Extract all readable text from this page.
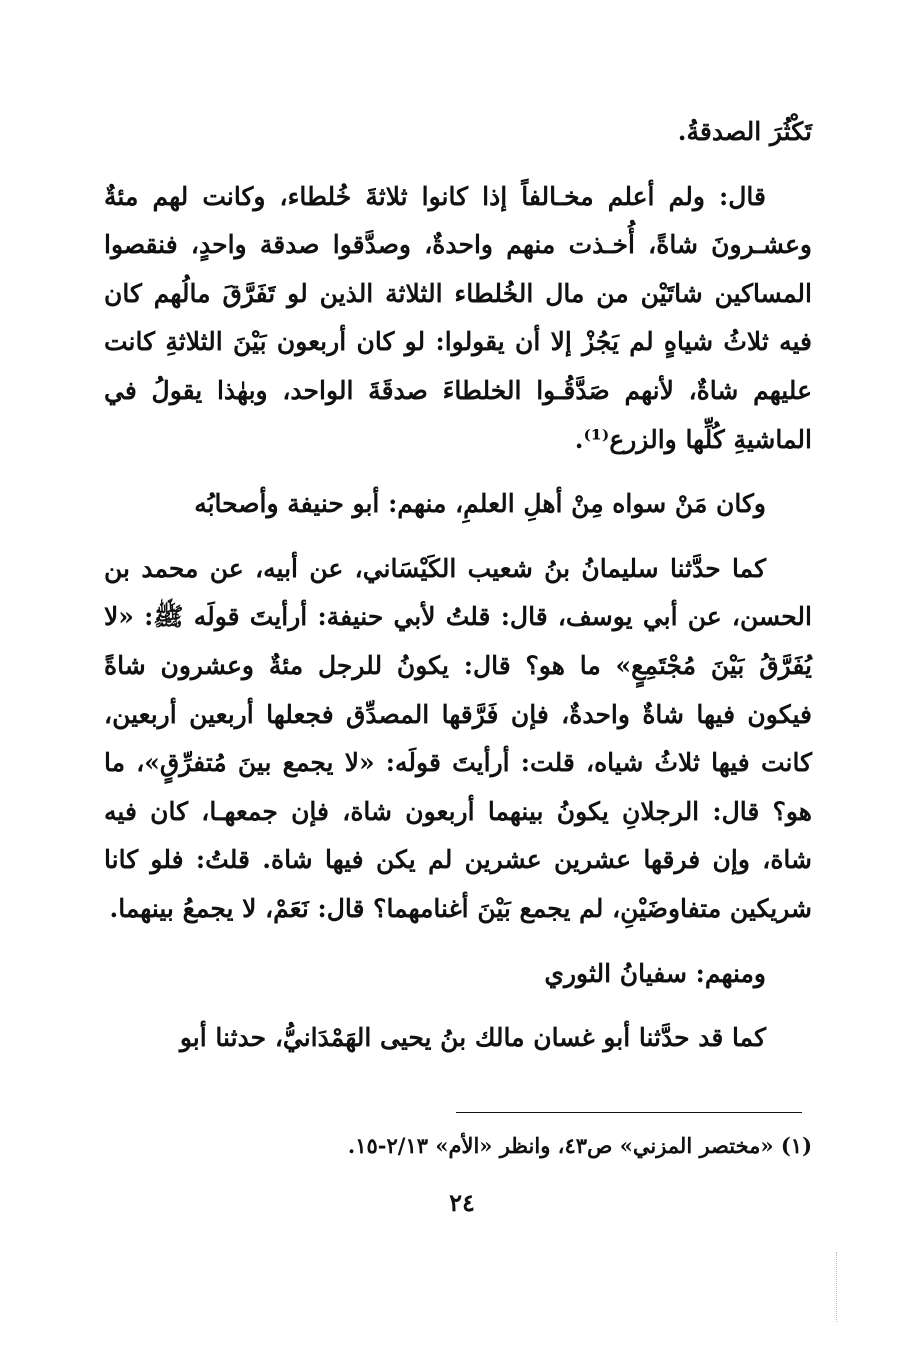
تَكْثُرَ الصدقةُ.

قال: ولم أعلم مخـالفاً إذا كانوا ثلاثةَ خُلطاء، وكانت لهم مئةٌ وعشـرونَ شاةً، أُخـذت منهم واحدةٌ، وصدَّقوا صدقة واحدٍ، فنقصوا المساكين شاتَيْن من مال الخُلطاء الثلاثة الذين لو تَفَرَّقَ مالُهم كان فيه ثلاثُ شياهٍ لم يَجُزْ إلا أن يقولوا: لو كان أربعون بَيْنَ الثلاثةِ كانت عليهم شاةٌ، لأنهم صَدَّقُـوا الخلطاءَ صدقَةَ الواحد، وبهٰذا يقولُ في الماشيةِ كُلِّها والزرع⁽¹⁾.

وكان مَنْ سواه مِنْ أهلِ العلمِ، منهم: أبو حنيفة وأصحابُه

كما حدَّثنا سليمانُ بنُ شعيب الكَيْسَاني، عن أبيه، عن محمد بن الحسن، عن أبي يوسف، قال: قلتُ لأبي حنيفة: أرأيتَ قولَه ﷺ: «لا يُفَرَّقُ بَيْنَ مُجْتَمِعٍ» ما هو؟ قال: يكونُ للرجل مئةٌ وعشرون شاةً فيكون فيها شاةٌ واحدةٌ، فإن فَرَّقها المصدِّق فجعلها أربعين أربعين، كانت فيها ثلاثُ شياه، قلت: أرأيتَ قولَه: «لا يجمع بينَ مُتفرِّقٍ»، ما هو؟ قال: الرجلانِ يكونُ بينهما أربعون شاة، فإن جمعهـا، كان فيه شاة، وإن فرقها عشرين عشرين لم يكن فيها شاة. قلتُ: فلو كانا شريكين متفاوضَيْنِ، لم يجمع بَيْنَ أغنامهما؟ قال: نَعَمْ، لا يجمعُ بينهما.

ومنهم: سفيانُ الثوري

كما قد حدَّثنا أبو غسان مالك بنُ يحيى الهَمْدَانيُّ، حدثنا أبو

(١) «مختصر المزني» ص٤٣، وانظر «الأم» ٢/١٣-١٥.
٢٤
